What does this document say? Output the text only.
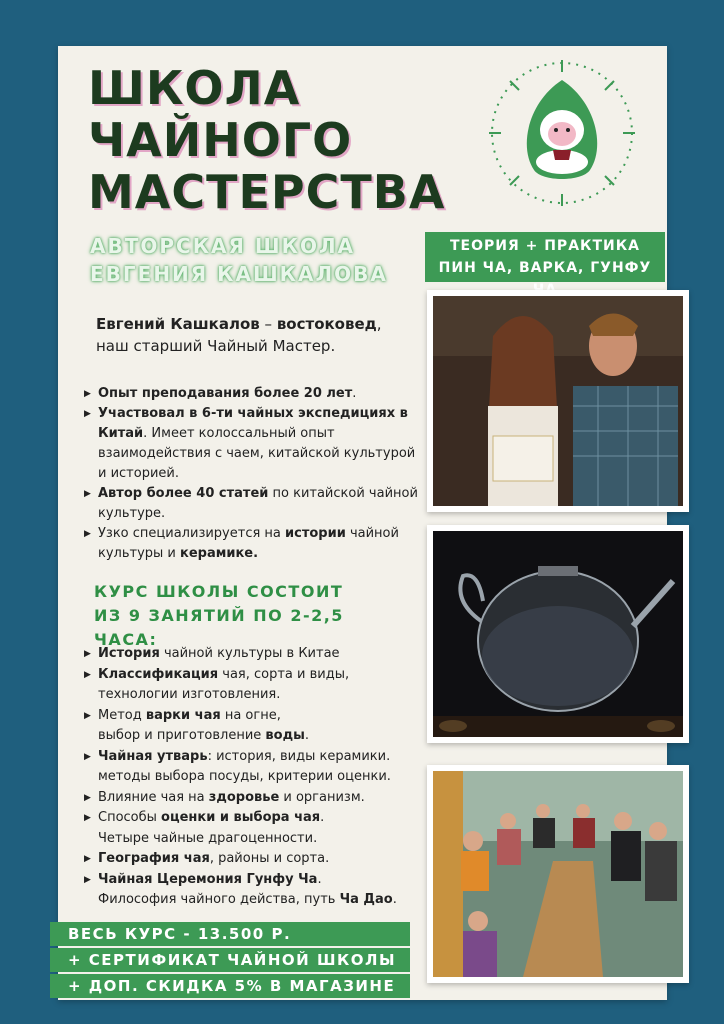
ШКОЛА
ЧАЙНОГО
МАСТЕРСТВА
АВТОРСКАЯ ШКОЛА
ЕВГЕНИЯ КАШКАЛОВА
ТЕОРИЯ + ПРАКТИКА
ПИН ЧА, ВАРКА, ГУНФУ
Евгений Кашкалов – востоковед,
наш старший Чайный Мастер.
▶ Опыт преподавания более 20 лет.
▶ Участвовал в 6-ти чайных экспедициях в Китай. Имеет колоссальный опыт взаимодействия с чаем, китайской культурой и историей.
▶ Автор более 40 статей по китайской чайной культуре.
▶ Узко специализируется на истории чайной культуры и керамике.
КУРС ШКОЛЫ СОСТОИТ
ИЗ 9 ЗАНЯТИЙ ПО 2-2,5 ЧАСА:
▶ История чайной культуры в Китае
▶ Классификация чая, сорта и виды,
технологии изготовления.
▶ Метод варки чая на огне,
выбор и приготовление воды.
▶ Чайная утварь: история, виды керамики.
методы выбора посуды, критерии оценки.
▶ Влияние чая на здоровье и организм.
▶ Способы оценки и выбора чая.
Четыре чайные драгоценности.
▶ География чая, районы и сорта.
▶ Чайная Церемония Гунфу Ча.
Философия чайного действа, путь Ча Дао.
ВЕСЬ КУРС - 13.500 Р.
+ СЕРТИФИКАТ ЧАЙНОЙ ШКОЛЫ
+ ДОП. СКИДКА 5% В МАГАЗИНЕ
